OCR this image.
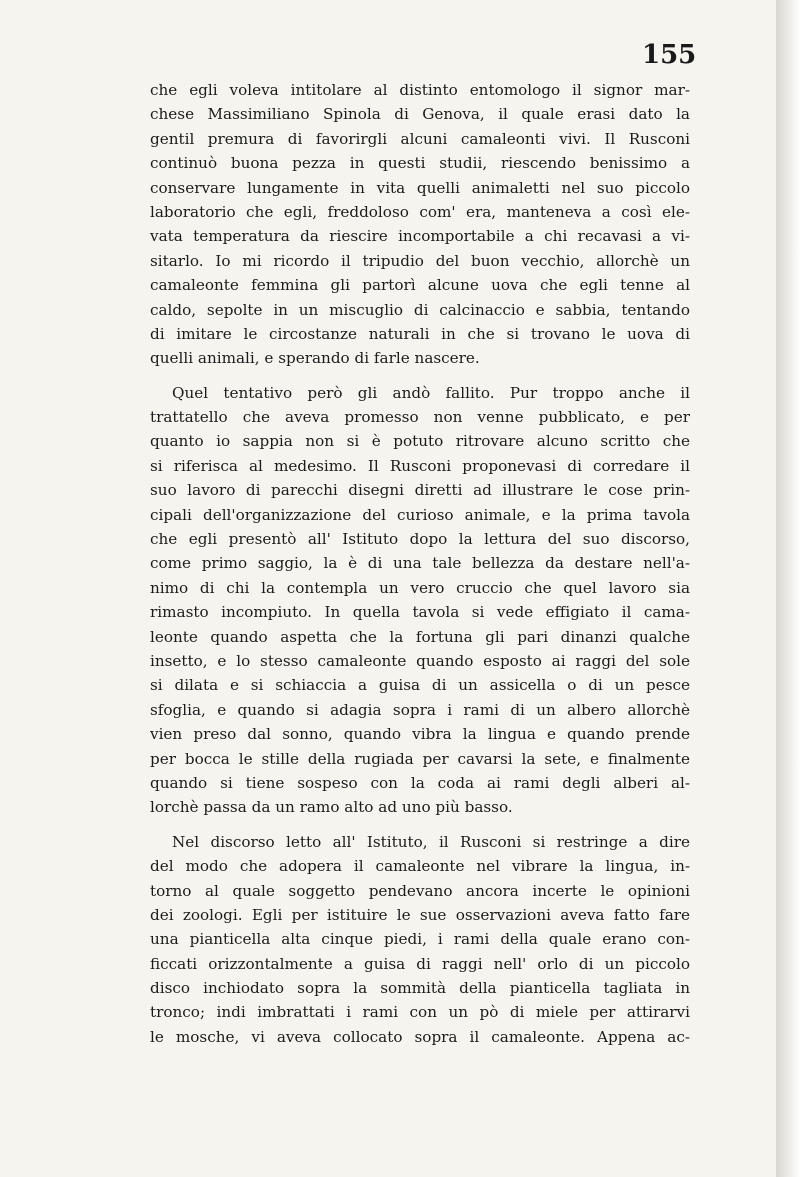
155
che egli voleva intitolare al distinto entomologo il signor mar-
chese Massimiliano Spinola di Genova, il quale erasi dato la
gentil premura di favorirgli alcuni camaleonti vivi. Il Rusconi
continuò buona pezza in questi studii, riescendo benissimo a
conservare lungamente in vita quelli animaletti nel suo piccolo
laboratorio che egli, freddoloso com' era, manteneva a così ele-
vata temperatura da riescire incomportabile a chi recavasi a vi-
sitarlo. Io mi ricordo il tripudio del buon vecchio, allorchè un
camaleonte femmina gli partorì alcune uova che egli tenne al
caldo, sepolte in un miscuglio di calcinaccio e sabbia, tentando
di imitare le circostanze naturali in che si trovano le uova di
quelli animali, e sperando di farle nascere.
Quel tentativo però gli andò fallito. Pur troppo anche il
trattatello che aveva promesso non venne pubblicato, e per
quanto io sappia non si è potuto ritrovare alcuno scritto che
si riferisca al medesimo. Il Rusconi proponevasi di corredare il
suo lavoro di parecchi disegni diretti ad illustrare le cose prin-
cipali dell'organizzazione del curioso animale, e la prima tavola
che egli presentò all' Istituto dopo la lettura del suo discorso,
come primo saggio, la è di una tale bellezza da destare nell'a-
nimo di chi la contempla un vero cruccio che quel lavoro sia
rimasto incompiuto. In quella tavola si vede effigiato il cama-
leonte quando aspetta che la fortuna gli pari dinanzi qualche
insetto, e lo stesso camaleonte quando esposto ai raggi del sole
si dilata e si schiaccia a guisa di un assicella o di un pesce
sfoglia, e quando si adagia sopra i rami di un albero allorchè
vien preso dal sonno, quando vibra la lingua e quando prende
per bocca le stille della rugiada per cavarsi la sete, e finalmente
quando si tiene sospeso con la coda ai rami degli alberi al-
lorchè passa da un ramo alto ad uno più basso.
Nel discorso letto all' Istituto, il Rusconi si restringe a dire
del modo che adopera il camaleonte nel vibrare la lingua, in-
torno al quale soggetto pendevano ancora incerte le opinioni
dei zoologi. Egli per istituire le sue osservazioni aveva fatto fare
una pianticella alta cinque piedi, i rami della quale erano con-
ficcati orizzontalmente a guisa di raggi nell' orlo di un piccolo
disco inchiodato sopra la sommità della pianticella tagliata in
tronco; indi imbrattati i rami con un pò di miele per attirarvi
le mosche, vi aveva collocato sopra il camaleonte. Appena ac-
